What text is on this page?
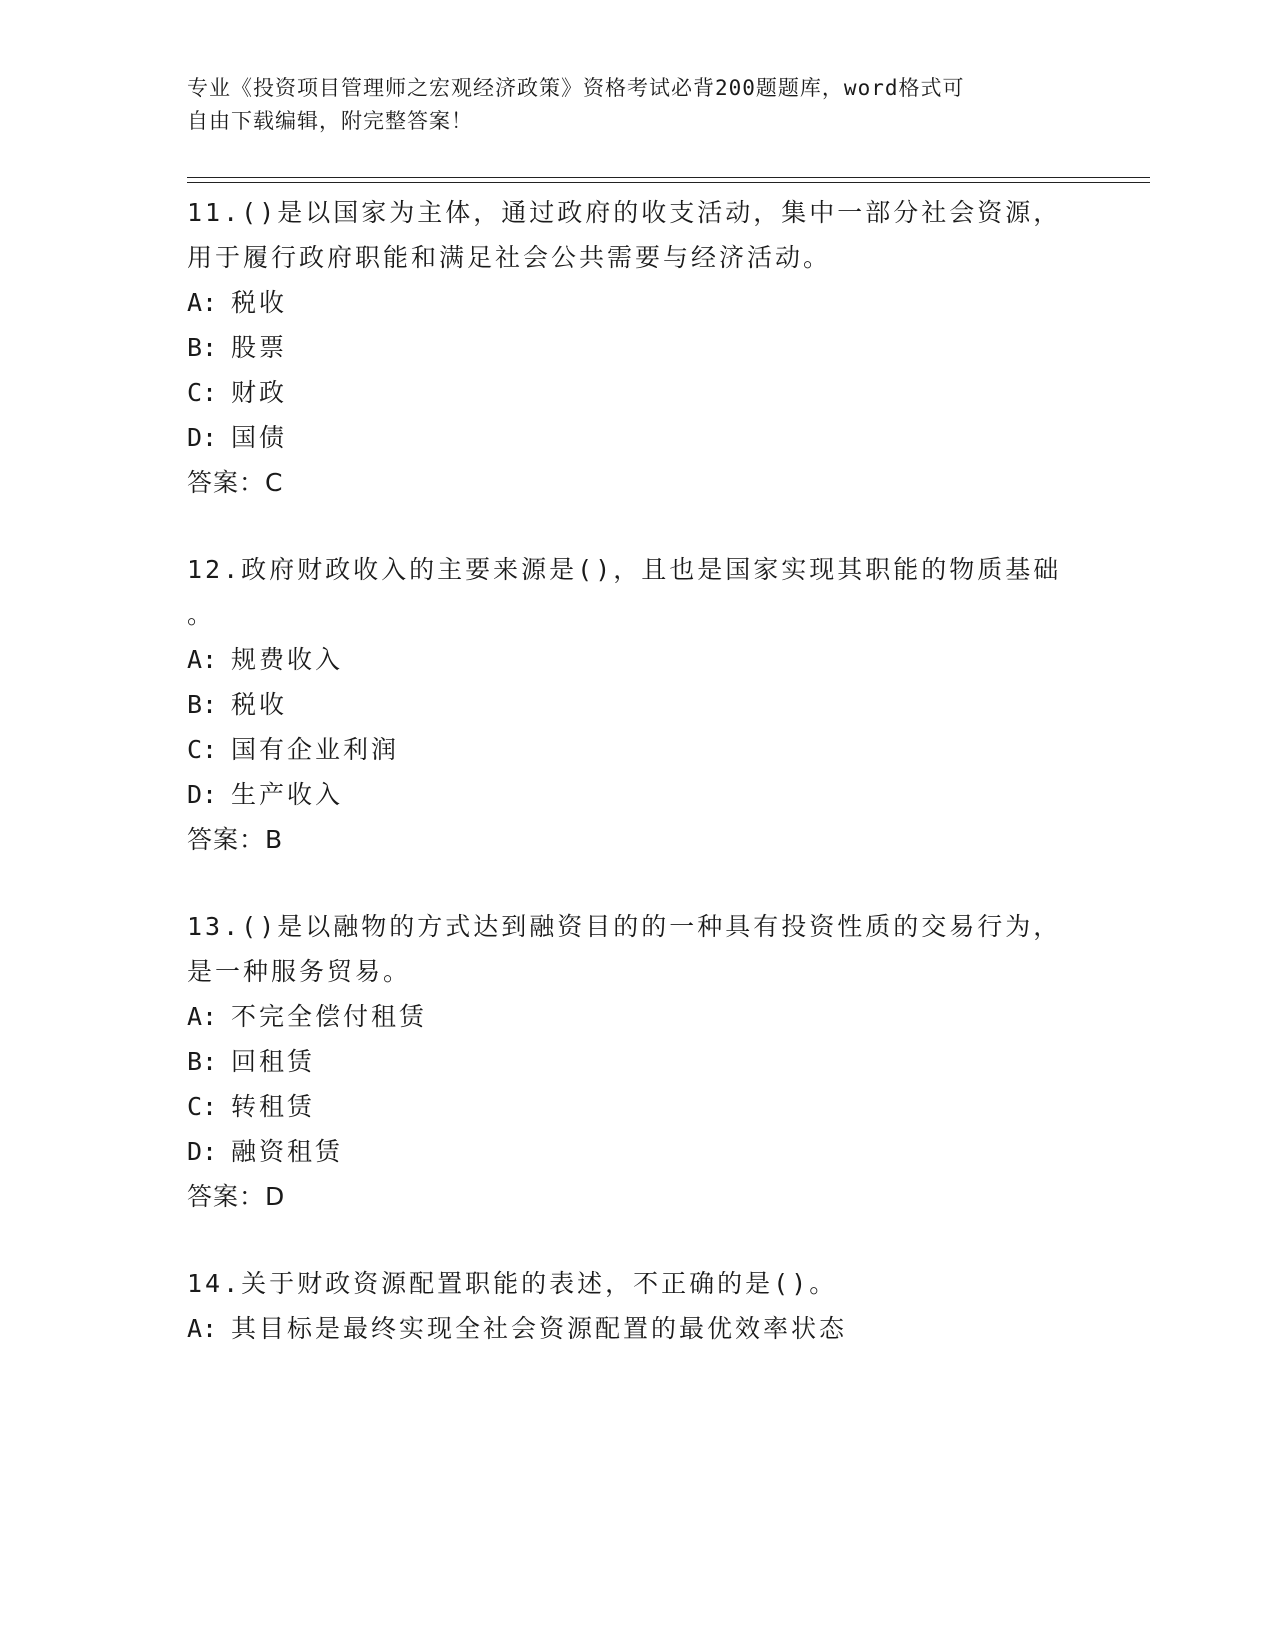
专业《投资项目管理师之宏观经济政策》资格考试必背200题题库，word格式可
自由下载编辑，附完整答案！
11.()是以国家为主体，通过政府的收支活动，集中一部分社会资源，
用于履行政府职能和满足社会公共需要与经济活动。
A: 税收
B: 股票
C: 财政
D: 国债
答案：C
12.政府财政收入的主要来源是()，且也是国家实现其职能的物质基础
。
A: 规费收入
B: 税收
C: 国有企业利润
D: 生产收入
答案：B
13.()是以融物的方式达到融资目的的一种具有投资性质的交易行为，
是一种服务贸易。
A: 不完全偿付租赁
B: 回租赁
C: 转租赁
D: 融资租赁
答案：D
14.关于财政资源配置职能的表述，不正确的是()。
A: 其目标是最终实现全社会资源配置的最优效率状态
